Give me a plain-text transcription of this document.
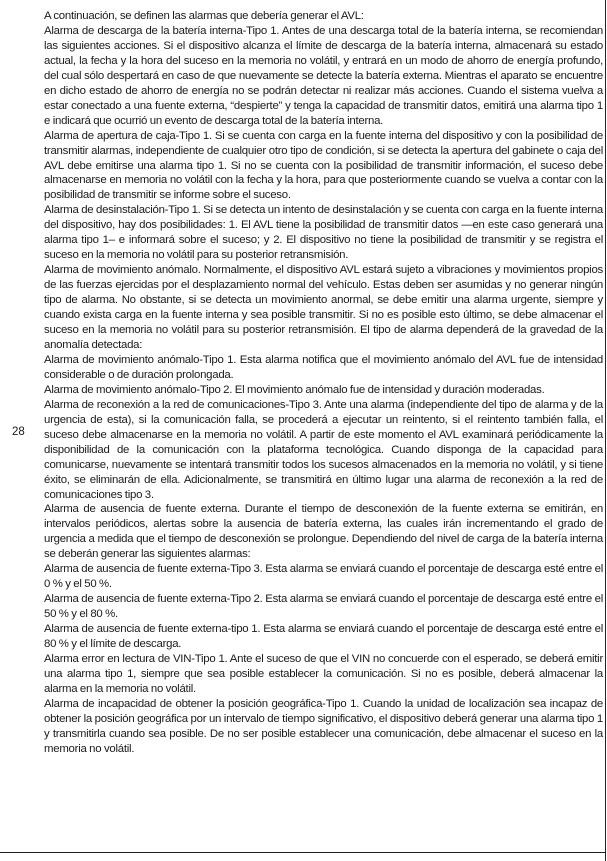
28

A continuación, se definen las alarmas que debería generar el AVL:

Alarma de descarga de la batería interna-Tipo 1. Antes de una descarga total de la batería interna, se recomiendan las siguientes acciones. Si el dispositivo alcanza el límite de descarga de la batería interna, almacenará su estado actual, la fecha y la hora del suceso en la memoria no volátil, y entrará en un modo de ahorro de energía profundo, del cual sólo despertará en caso de que nuevamente se detecte la batería externa. Mientras el aparato se encuentre en dicho estado de ahorro de energía no se podrán detectar ni realizar más acciones. Cuando el sistema vuelva a estar conectado a una fuente externa, “despierte” y tenga la capacidad de transmitir datos, emitirá una alarma tipo 1 e indicará que ocurrió un evento de descarga total de la batería interna.

Alarma de apertura de caja-Tipo 1. Si se cuenta con carga en la fuente interna del dispositivo y con la posibilidad de transmitir alarmas, independiente de cualquier otro tipo de condición, si se detecta la apertura del gabinete o caja del AVL debe emitirse una alarma tipo 1. Si no se cuenta con la posibilidad de transmitir información, el suceso debe almacenarse en memoria no volátil con la fecha y la hora, para que posteriormente cuando se vuelva a contar con la posibilidad de transmitir se informe sobre el suceso.

Alarma de desinstalación-Tipo 1. Si se detecta un intento de desinstalación y se cuenta con carga en la fuente interna del dispositivo, hay dos posibilidades: 1. El AVL tiene la posibilidad de transmitir datos —en este caso generará una alarma tipo 1– e informará sobre el suceso; y 2. El dispositivo no tiene la posibilidad de transmitir y se registra el suceso en la memoria no volátil para su posterior retransmisión.

Alarma de movimiento anómalo. Normalmente, el dispositivo AVL estará sujeto a vibraciones y movimientos propios de las fuerzas ejercidas por el desplazamiento normal del vehículo. Estas deben ser asumidas y no generar ningún tipo de alarma. No obstante, si se detecta un movimiento anormal, se debe emitir una alarma urgente, siempre y cuando exista carga en la fuente interna y sea posible transmitir. Si no es posible esto último, se debe almacenar el suceso en la memoria no volátil para su posterior retransmisión. El tipo de alarma dependerá de la gravedad de la anomalía detectada:

Alarma de movimiento anómalo-Tipo 1. Esta alarma notifica que el movimiento anómalo del AVL fue de intensidad considerable o de duración prolongada.

Alarma de movimiento anómalo-Tipo 2. El movimiento anómalo fue de intensidad y duración moderadas.

Alarma de reconexión a la red de comunicaciones-Tipo 3. Ante una alarma (independiente del tipo de alarma y de la urgencia de esta), si la comunicación falla, se procederá a ejecutar un reintento, si el reintento también falla, el suceso debe almacenarse en la memoria no volátil. A partir de este momento el AVL examinará periódicamente la disponibilidad de la comunicación con la plataforma tecnológica. Cuando disponga de la capacidad para comunicarse, nuevamente se intentará transmitir todos los sucesos almacenados en la memoria no volátil, y si tiene éxito, se eliminarán de ella. Adicionalmente, se transmitirá en último lugar una alarma de reconexión a la red de comunicaciones tipo 3.

Alarma de ausencia de fuente externa. Durante el tiempo de desconexión de la fuente externa se emitirán, en intervalos periódicos, alertas sobre la ausencia de batería externa, las cuales irán incrementando el grado de urgencia a medida que el tiempo de desconexión se prolongue. Dependiendo del nivel de carga de la batería interna se deberán generar las siguientes alarmas:

Alarma de ausencia de fuente externa-Tipo 3. Esta alarma se enviará cuando el porcentaje de descarga esté entre el 0 % y el 50 %.

Alarma de ausencia de fuente externa-Tipo 2. Esta alarma se enviará cuando el porcentaje de descarga esté entre el 50 % y el 80 %.

Alarma de ausencia de fuente externa-tipo 1. Esta alarma se enviará cuando el porcentaje de descarga esté entre el 80 % y el límite de descarga.

Alarma error en lectura de VIN-Tipo 1. Ante el suceso de que el VIN no concuerde con el esperado, se deberá emitir una alarma tipo 1, siempre que sea posible establecer la comunicación. Si no es posible, deberá almacenar la alarma en la memoria no volátil.

Alarma de incapacidad de obtener la posición geográfica-Tipo 1. Cuando la unidad de localización sea incapaz de obtener la posición geográfica por un intervalo de tiempo significativo, el dispositivo deberá generar una alarma tipo 1 y transmitirla cuando sea posible. De no ser posible establecer una comunicación, debe almacenar el suceso en la memoria no volátil.
